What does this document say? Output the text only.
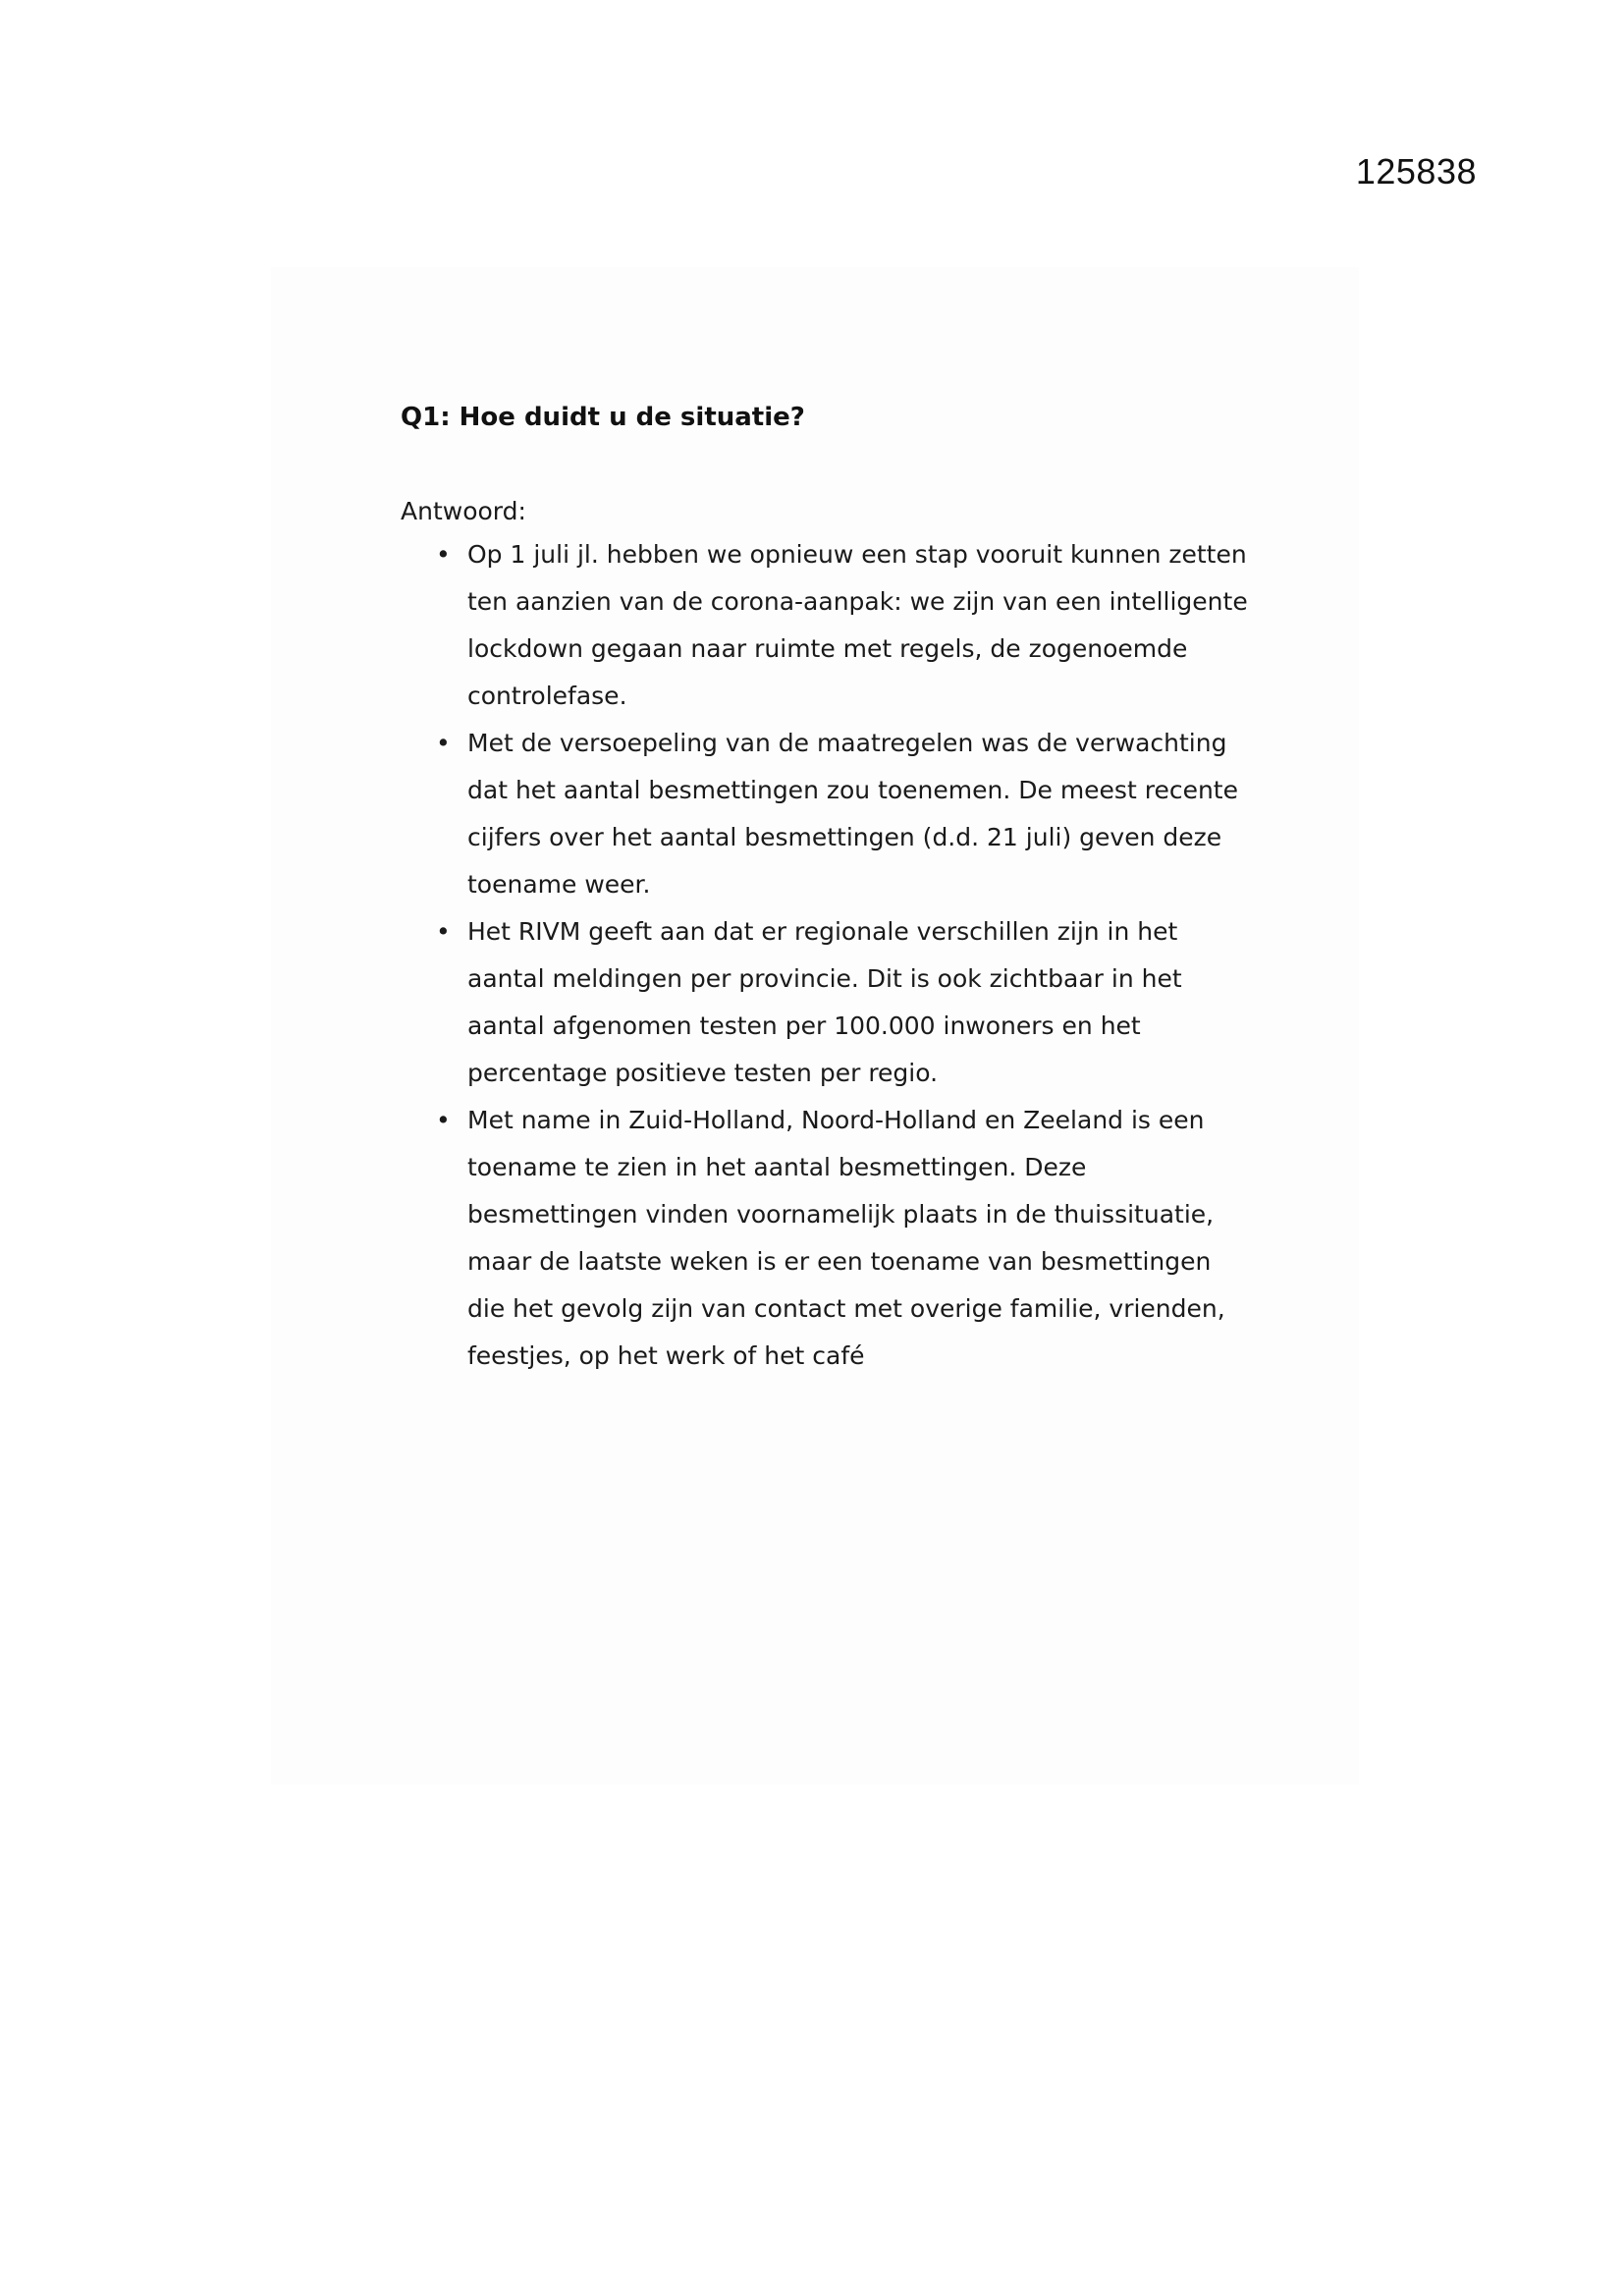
125838
Q1: Hoe duidt u de situatie?
Antwoord:
• Op 1 juli jl. hebben we opnieuw een stap vooruit kunnen zetten ten aanzien van de corona-aanpak: we zijn van een intelligente lockdown gegaan naar ruimte met regels, de zogenoemde controlefase.
• Met de versoepeling van de maatregelen was de verwachting dat het aantal besmettingen zou toenemen. De meest recente cijfers over het aantal besmettingen (d.d. 21 juli) geven deze toename weer.
• Het RIVM geeft aan dat er regionale verschillen zijn in het aantal meldingen per provincie. Dit is ook zichtbaar in het aantal afgenomen testen per 100.000 inwoners en het percentage positieve testen per regio.
• Met name in Zuid-Holland, Noord-Holland en Zeeland is een toename te zien in het aantal besmettingen. Deze besmettingen vinden voornamelijk plaats in de thuissituatie, maar de laatste weken is er een toename van besmettingen die het gevolg zijn van contact met overige familie, vrienden, feestjes, op het werk of het café
